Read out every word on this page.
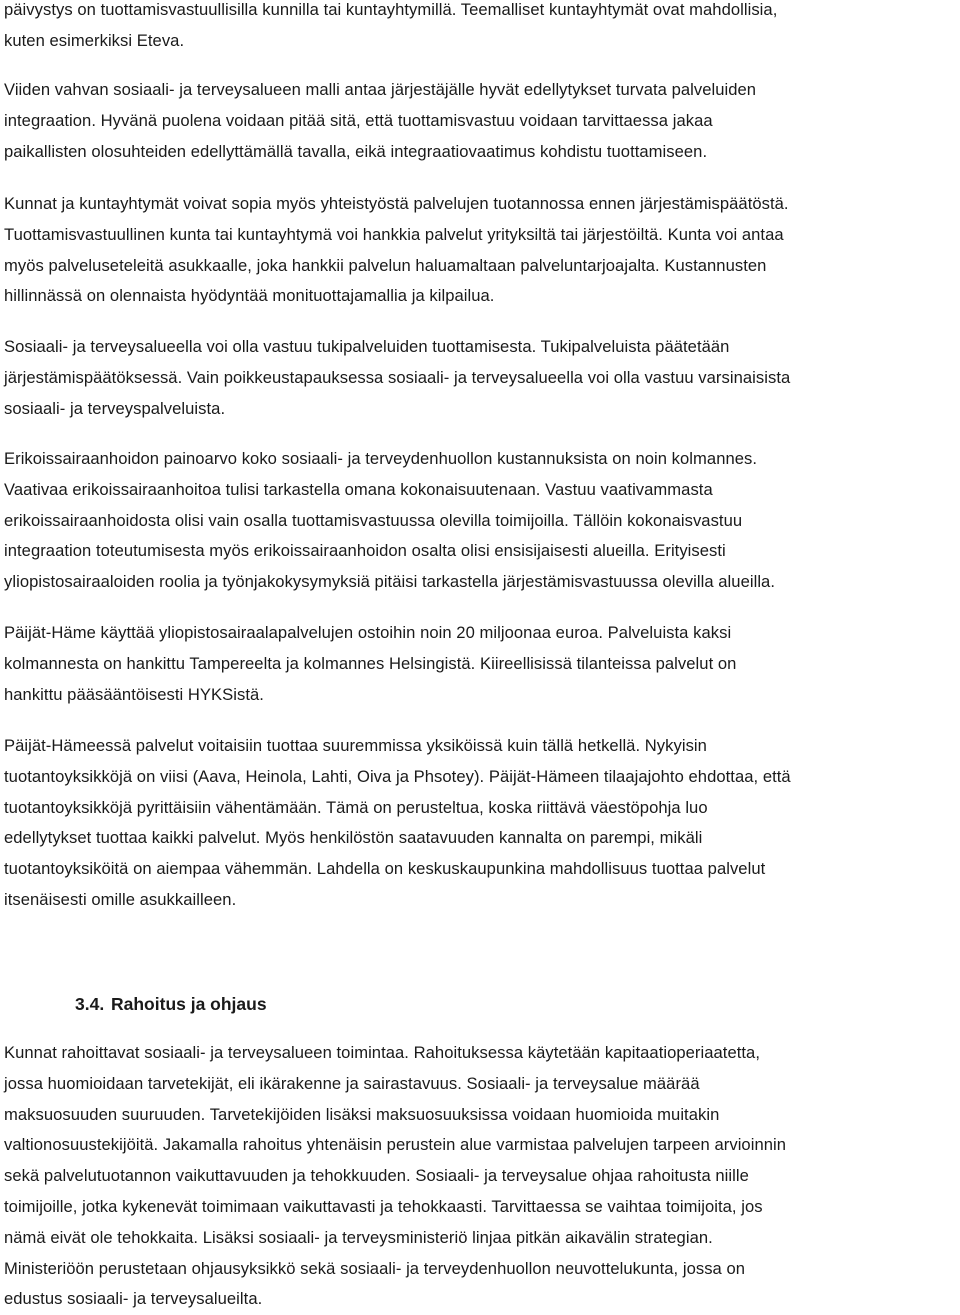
päivystys on tuottamisvastuullisilla kunnilla tai kuntayhtymillä. Teemalliset kuntayhtymät ovat mahdollisia,
kuten esimerkiksi Eteva.

Viiden vahvan sosiaali- ja terveysalueen malli antaa järjestäjälle hyvät edellytykset turvata palveluiden
integraation. Hyvänä puolena voidaan pitää sitä, että tuottamisvastuu voidaan tarvittaessa jakaa
paikallisten olosuhteiden edellyttämällä tavalla, eikä integraatiovaatimus kohdistu tuottamiseen.

Kunnat ja kuntayhtymät voivat sopia myös yhteistyöstä palvelujen tuotannossa ennen järjestämispäätöstä.
Tuottamisvastuullinen kunta tai kuntayhtymä voi hankkia palvelut yrityksiltä tai järjestöiltä. Kunta voi antaa
myös palveluseteleitä asukkaalle, joka hankkii palvelun haluamaltaan palveluntarjoajalta. Kustannusten
hillinnässä on olennaista hyödyntää monituottajamallia ja kilpailua.

Sosiaali- ja terveysalueella voi olla vastuu tukipalveluiden tuottamisesta. Tukipalveluista päätetään
järjestämispäätöksessä. Vain poikkeustapauksessa sosiaali- ja terveysalueella voi olla vastuu varsinaisista
sosiaali- ja terveyspalveluista.

Erikoissairaanhoidon painoarvo koko sosiaali- ja terveydenhuollon kustannuksista on noin kolmannes.
Vaativaa erikoissairaanhoitoa tulisi tarkastella omana kokonaisuutenaan. Vastuu vaativammasta
erikoissairaanhoidosta olisi vain osalla tuottamisvastuussa olevilla toimijoilla. Tällöin kokonaisvastuu
integraation toteutumisesta myös erikoissairaanhoidon osalta olisi ensisijaisesti alueilla. Erityisesti
yliopistosairaaloiden roolia ja työnjakokysymyksiä pitäisi tarkastella järjestämisvastuussa olevilla alueilla.

Päijät-Häme käyttää yliopistosairaalapalvelujen ostoihin noin 20 miljoonaa euroa. Palveluista kaksi
kolmannesta on hankittu Tampereelta ja kolmannes Helsingistä. Kiireellisissä tilanteissa palvelut on
hankittu pääsääntöisesti HYKSistä.

Päijät-Hämeessä palvelut voitaisiin tuottaa suuremmissa yksiköissä kuin tällä hetkellä. Nykyisin
tuotantoyksikköjä on viisi (Aava, Heinola, Lahti, Oiva ja Phsotey). Päijät-Hämeen tilaajajohto ehdottaa, että
tuotantoyksikköjä pyrittäisiin vähentämään. Tämä on perusteltua, koska riittävä väestöpohja luo
edellytykset tuottaa kaikki palvelut. Myös henkilöstön saatavuuden kannalta on parempi, mikäli
tuotantoyksiköitä on aiempaa vähemmän. Lahdella on keskuskaupunkina mahdollisuus tuottaa palvelut
itsenäisesti omille asukkailleen.

3.4. Rahoitus ja ohjaus

Kunnat rahoittavat sosiaali- ja terveysalueen toimintaa. Rahoituksessa käytetään kapitaatioperiaatetta,
jossa huomioidaan tarvetekijät, eli ikärakenne ja sairastavuus. Sosiaali- ja terveysalue määrää
maksuosuuden suuruuden. Tarvetekijöiden lisäksi maksuosuuksissa voidaan huomioida muitakin
valtionosuustekijöitä. Jakamalla rahoitus yhtenäisin perustein alue varmistaa palvelujen tarpeen arvioinnin
sekä palvelutuotannon vaikuttavuuden ja tehokkuuden. Sosiaali- ja terveysalue ohjaa rahoitusta niille
toimijoille, jotka kykenevät toimimaan vaikuttavasti ja tehokkaasti. Tarvittaessa se vaihtaa toimijoita, jos
nämä eivät ole tehokkaita. Lisäksi sosiaali- ja terveysministeriö linjaa pitkän aikavälin strategian.
Ministeriöön perustetaan ohjausyksikkö sekä sosiaali- ja terveydenhuollon neuvottelukunta, jossa on
edustus sosiaali- ja terveysalueilta.
